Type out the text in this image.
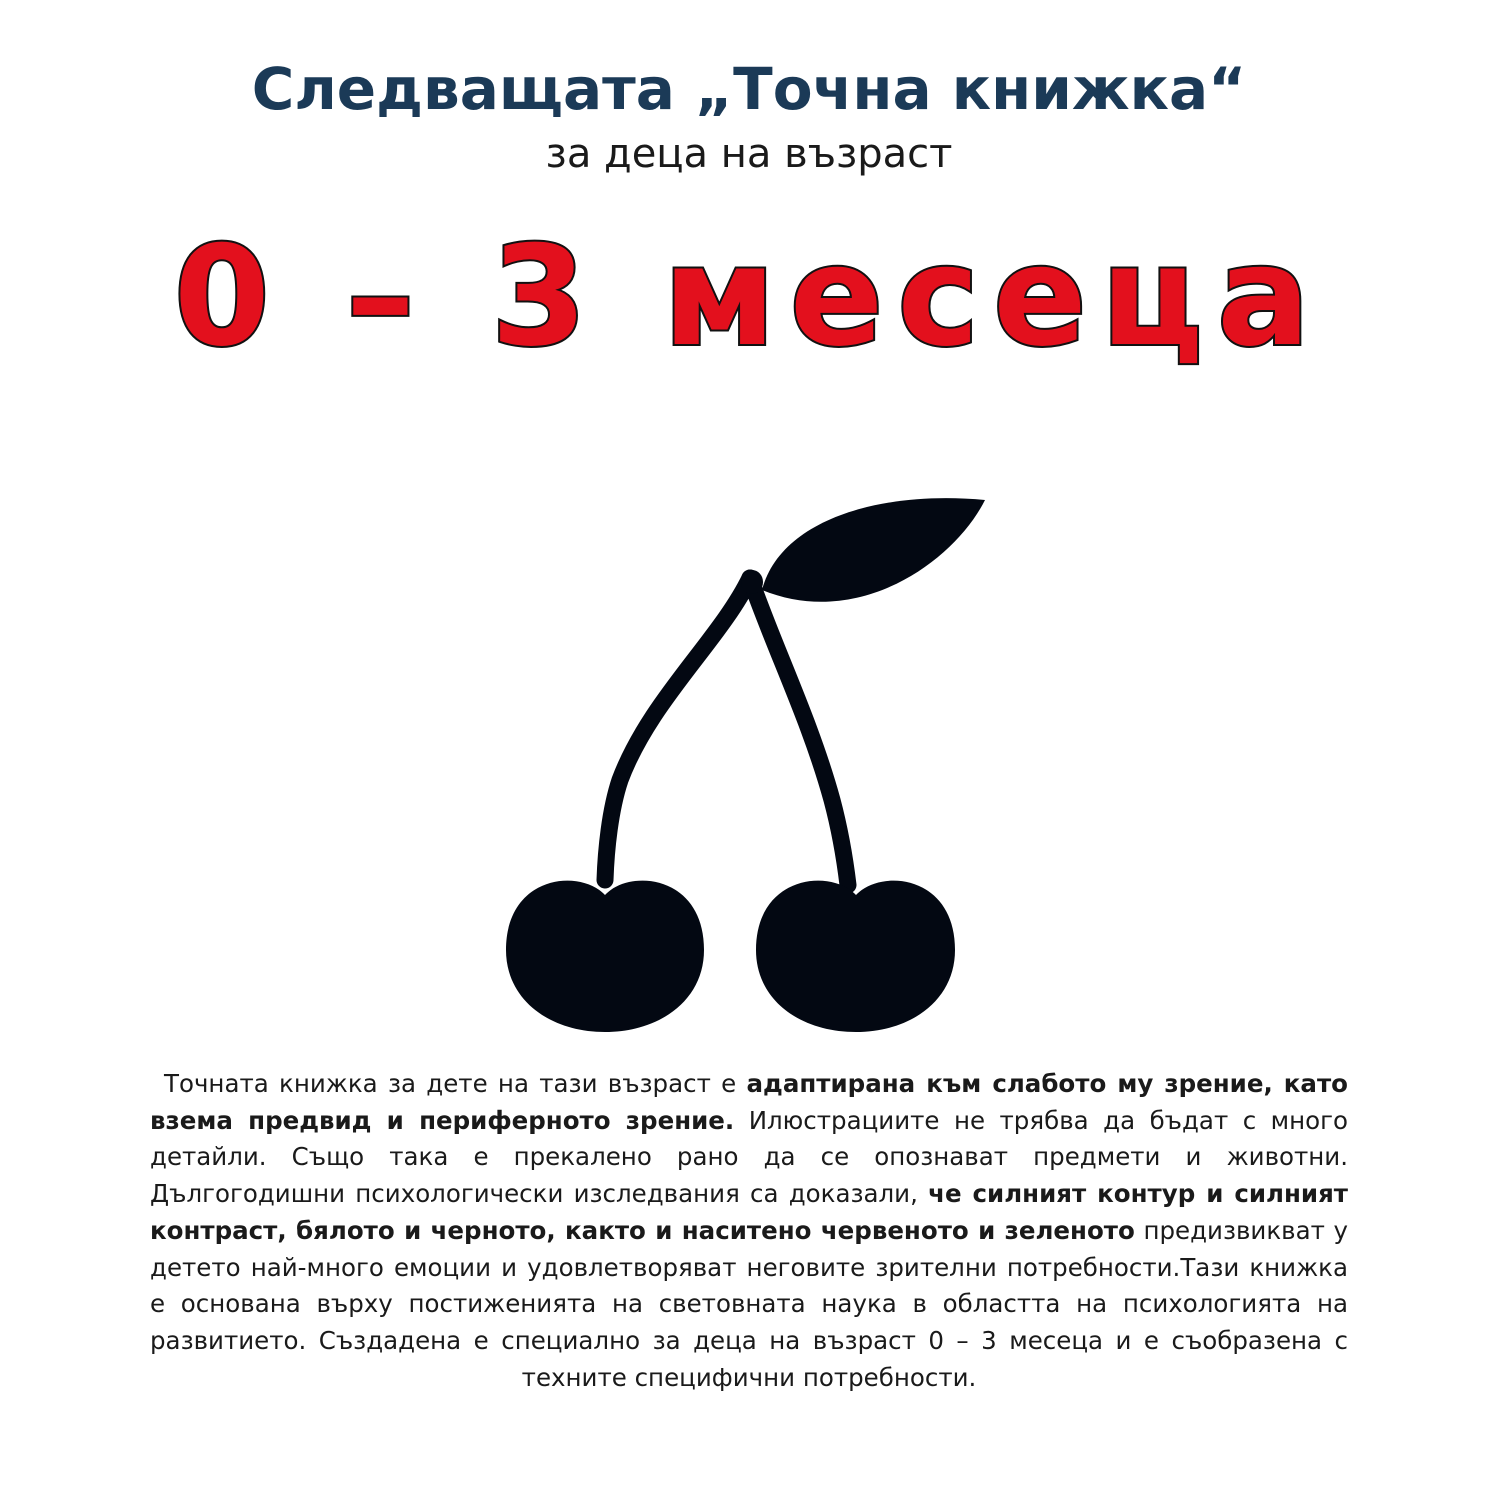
Следващата „Точна книжка“

за деца на възраст

0 – 3 месеца

Точната книжка за дете на тази възраст е адаптирана към слабото му зрение, като взема предвид и периферното зрение. Илюстрациите не трябва да бъдат с много детайли. Също така е прекалено рано да се опознават предмети и животни. Дългогодишни психологически изследвания са доказали, че силният контур и силният контраст, бялото и черното, както и наситено червеното и зеленото предизвикват у детето най-много емоции и удовлетворяват неговите зрителни потребности.Тази книжка е основана върху постиженията на световната наука в областта на психологията на развитието. Създадена е специално за деца на възраст 0 – 3 месеца и е съобразена с техните специфични потребности.
